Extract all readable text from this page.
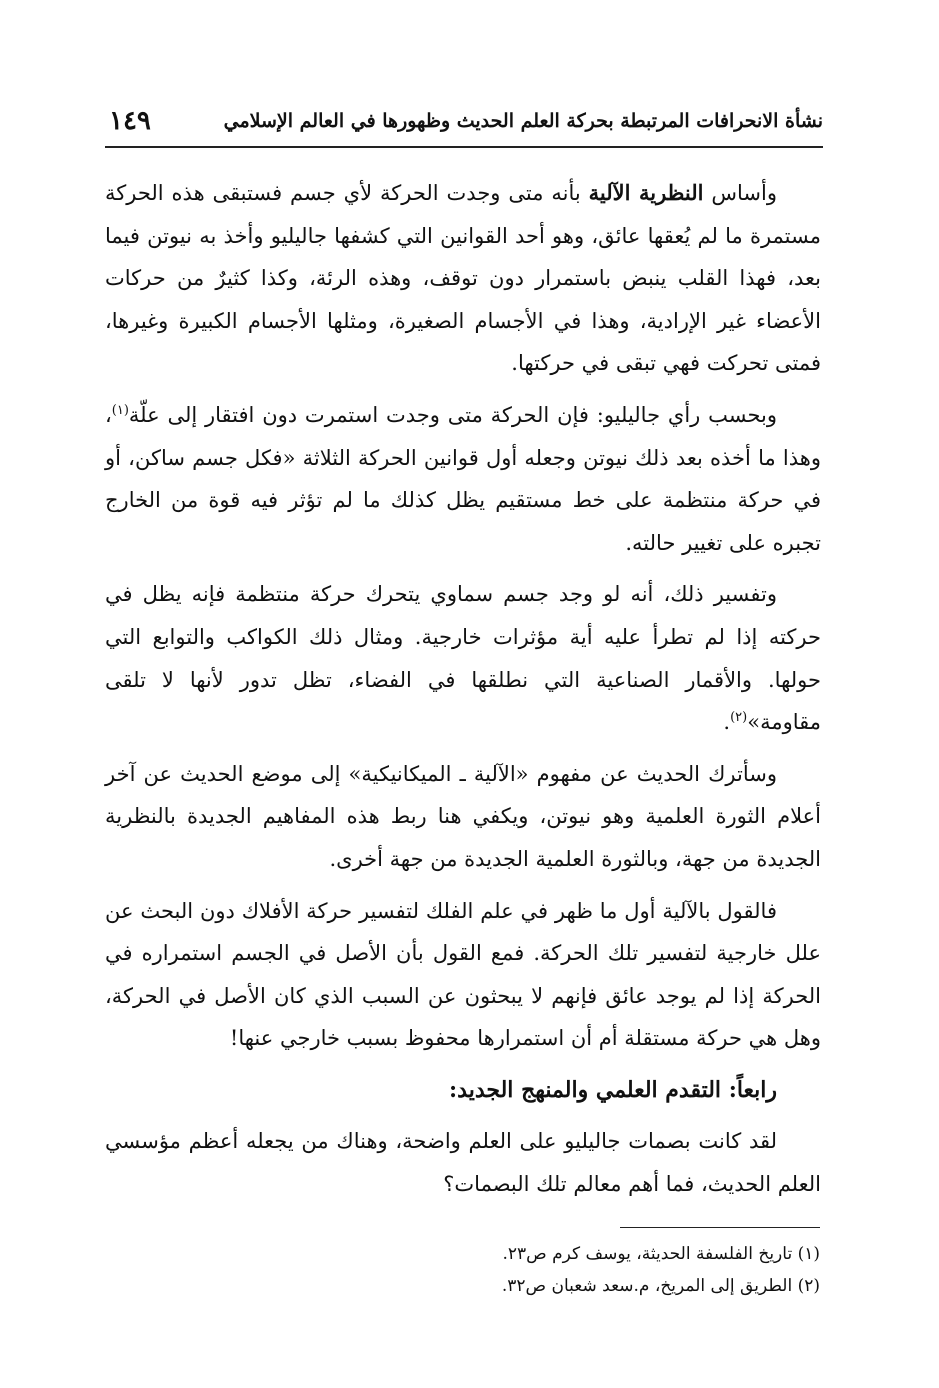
نشأة الانحرافات المرتبطة بحركة العلم الحديث وظهورها في العالم الإسلامي
١٤٩

وأساس النظرية الآلية بأنه متى وجدت الحركة لأي جسم فستبقى هذه الحركة مستمرة ما لم يُعقها عائق، وهو أحد القوانين التي كشفها جاليليو وأخذ به نيوتن فيما بعد، فهذا القلب ينبض باستمرار دون توقف، وهذه الرئة، وكذا كثيرٌ من حركات الأعضاء غير الإرادية، وهذا في الأجسام الصغيرة، ومثلها الأجسام الكبيرة وغيرها، فمتى تحركت فهي تبقى في حركتها.

وبحسب رأي جاليليو: فإن الحركة متى وجدت استمرت دون افتقار إلى علّة$^{(١)}$، وهذا ما أخذه بعد ذلك نيوتن وجعله أول قوانين الحركة الثلاثة «فكل جسم ساكن، أو في حركة منتظمة على خط مستقيم يظل كذلك ما لم تؤثر فيه قوة من الخارج تجبره على تغيير حالته.

وتفسير ذلك، أنه لو وجد جسم سماوي يتحرك حركة منتظمة فإنه يظل في حركته إذا لم تطرأ عليه أية مؤثرات خارجية. ومثال ذلك الكواكب والتوابع التي حولها. والأقمار الصناعية التي نطلقها في الفضاء، تظل تدور لأنها لا تلقى مقاومة»$^{(٢)}$.

وسأترك الحديث عن مفهوم «الآلية ـ الميكانيكية» إلى موضع الحديث عن آخر أعلام الثورة العلمية وهو نيوتن، ويكفي هنا ربط هذه المفاهيم الجديدة بالنظرية الجديدة من جهة، وبالثورة العلمية الجديدة من جهة أخرى.

فالقول بالآلية أول ما ظهر في علم الفلك لتفسير حركة الأفلاك دون البحث عن علل خارجية لتفسير تلك الحركة. فمع القول بأن الأصل في الجسم استمراره في الحركة إذا لم يوجد عائق فإنهم لا يبحثون عن السبب الذي كان الأصل في الحركة، وهل هي حركة مستقلة أم أن استمرارها محفوظ بسبب خارجي عنها!

رابعاً: التقدم العلمي والمنهج الجديد:

لقد كانت بصمات جاليليو على العلم واضحة، وهناك من يجعله أعظم مؤسسي العلم الحديث، فما أهم معالم تلك البصمات؟

(١) تاريخ الفلسفة الحديثة، يوسف كرم ص٢٣.
(٢) الطريق إلى المريخ، م.سعد شعبان ص٣٢.
